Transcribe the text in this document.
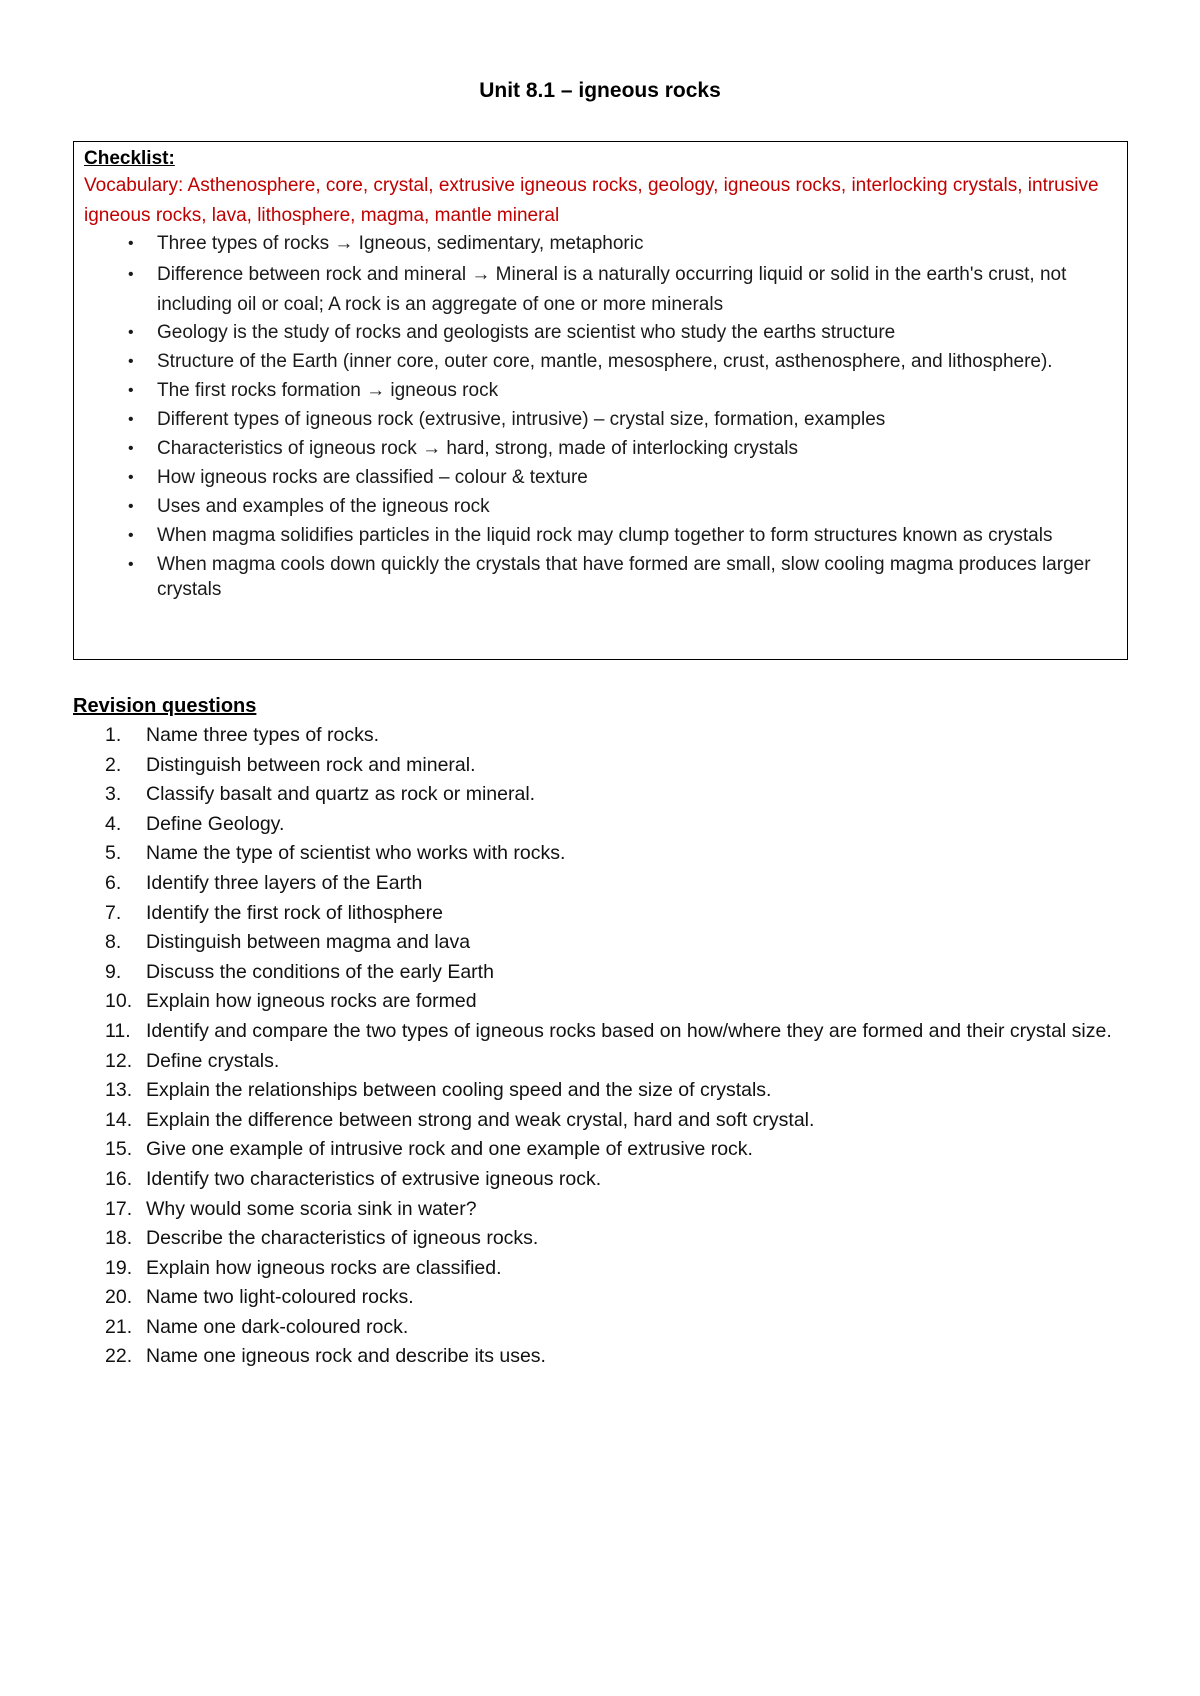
Unit 8.1 – igneous rocks

Checklist:

Vocabulary: Asthenosphere, core, crystal, extrusive igneous rocks, geology, igneous rocks, interlocking crystals, intrusive igneous rocks, lava, lithosphere, magma, mantle mineral

• Three types of rocks → Igneous, sedimentary, metaphoric
• Difference between rock and mineral → Mineral is a naturally occurring liquid or solid in the earth's crust, not including oil or coal; A rock is an aggregate of one or more minerals
• Geology is the study of rocks and geologists are scientist who study the earths structure
• Structure of the Earth (inner core, outer core, mantle, mesosphere, crust, asthenosphere, and lithosphere).
• The first rocks formation → igneous rock
• Different types of igneous rock (extrusive, intrusive) – crystal size, formation, examples
• Characteristics of igneous rock → hard, strong, made of interlocking crystals
• How igneous rocks are classified – colour & texture
• Uses and examples of the igneous rock
• When magma solidifies particles in the liquid rock may clump together to form structures known as crystals
• When magma cools down quickly the crystals that have formed are small, slow cooling magma produces larger crystals
Revision questions
1. Name three types of rocks.
2. Distinguish between rock and mineral.
3. Classify basalt and quartz as rock or mineral.
4. Define Geology.
5. Name the type of scientist who works with rocks.
6. Identify three layers of the Earth
7. Identify the first rock of lithosphere
8. Distinguish between magma and lava
9. Discuss the conditions of the early Earth
10. Explain how igneous rocks are formed
11. Identify and compare the two types of igneous rocks based on how/where they are formed and their crystal size.
12. Define crystals.
13. Explain the relationships between cooling speed and the size of crystals.
14. Explain the difference between strong and weak crystal, hard and soft crystal.
15. Give one example of intrusive rock and one example of extrusive rock.
16. Identify two characteristics of extrusive igneous rock.
17. Why would some scoria sink in water?
18. Describe the characteristics of igneous rocks.
19. Explain how igneous rocks are classified.
20. Name two light-coloured rocks.
21. Name one dark-coloured rock.
22. Name one igneous rock and describe its uses.
